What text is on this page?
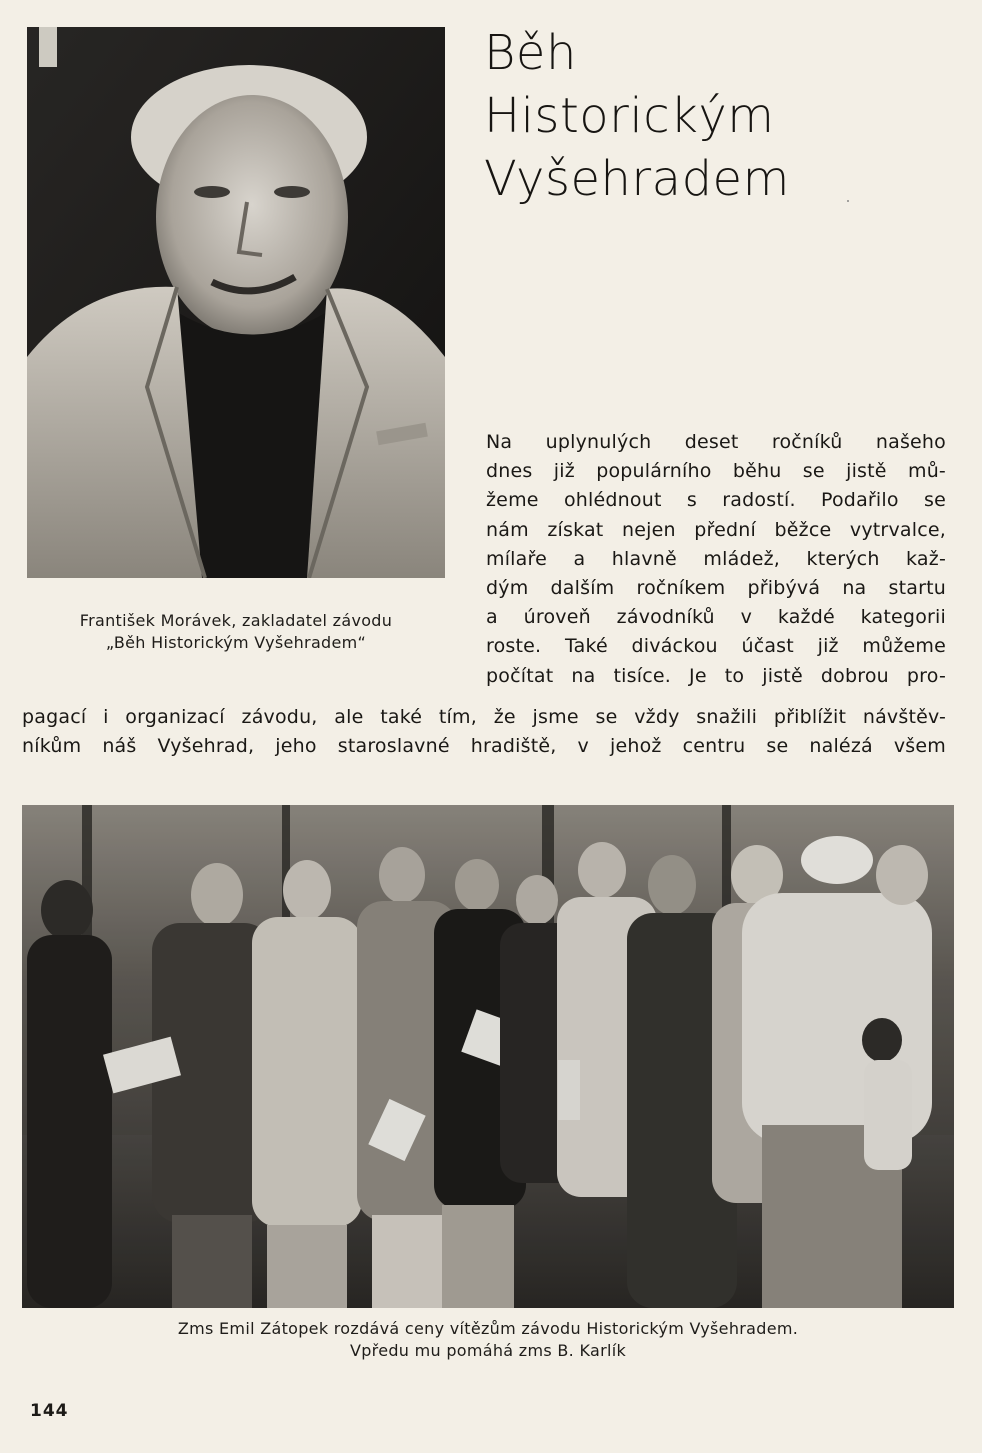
Běh
Historickým
Vyšehradem
František Morávek, zakladatel závodu
„Běh Historickým Vyšehradem“
Na uplynulých deset ročníků našeho
dnes již populárního běhu se jistě mů-
žeme ohlédnout s radostí. Podařilo se
nám získat nejen přední běžce vytrvalce,
mílaře a hlavně mládež, kterých kaž-
dým dalším ročníkem přibývá na startu
a úroveň závodníků v každé kategorii
roste. Také diváckou účast již můžeme
počítat na tisíce. Je to jistě dobrou pro-
pagací i organizací závodu, ale také tím, že jsme se vždy snažili přiblížit návštěv-
níkům náš Vyšehrad, jeho staroslavné hradiště, v jehož centru se nalézá všem
Zms Emil Zátopek rozdává ceny vítězům závodu Historickým Vyšehradem.
Vpředu mu pomáhá zms B. Karlík
144
